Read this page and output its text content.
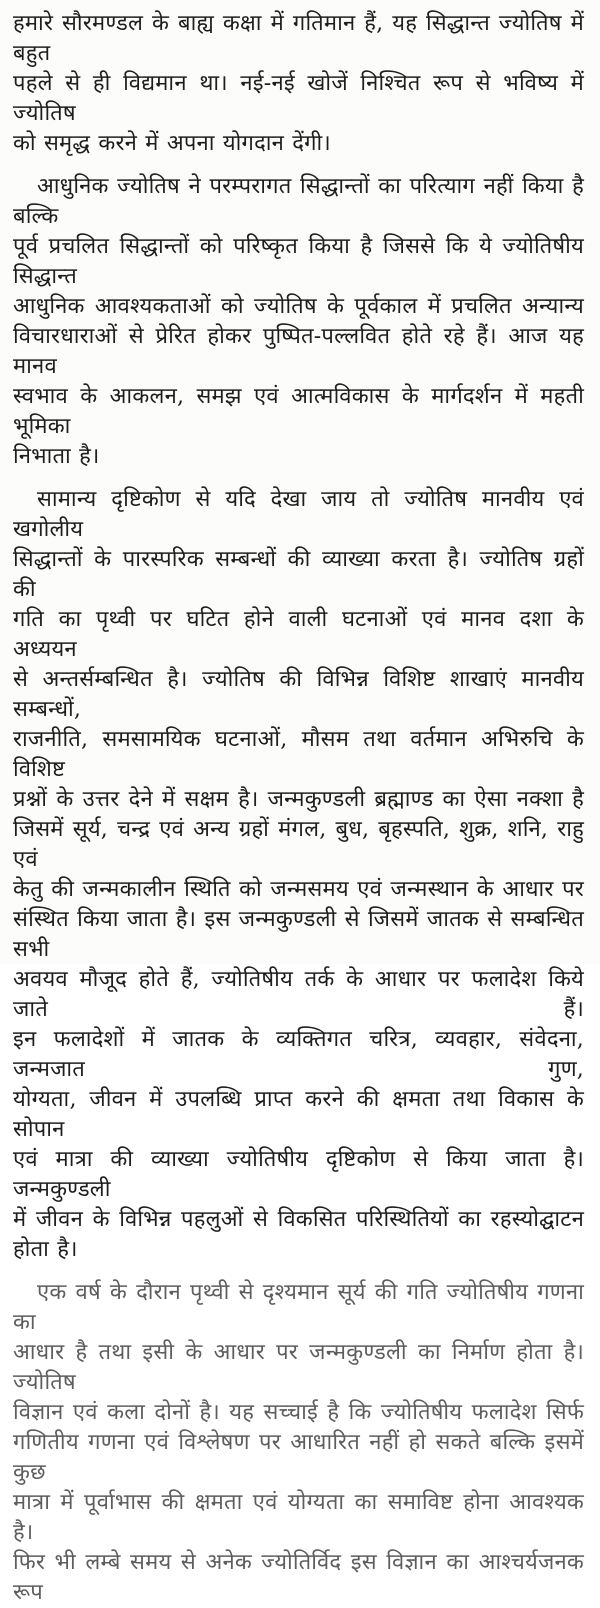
हमारे सौरमण्डल के बाह्य कक्षा में गतिमान हैं, यह सिद्धान्त ज्योतिष में बहुत
पहले से ही विद्यमान था। नई-नई खोजें निश्चित रूप से भविष्य में ज्योतिष
को समृद्ध करने में अपना योगदान देंगी।

आधुनिक ज्योतिष ने परम्परागत सिद्धान्तों का परित्याग नहीं किया है बल्कि
पूर्व प्रचलित सिद्धान्तों को परिष्कृत किया है जिससे कि ये ज्योतिषीय सिद्धान्त
आधुनिक आवश्यकताओं को ज्योतिष के पूर्वकाल में प्रचलित अन्यान्य
विचारधाराओं से प्रेरित होकर पुष्पित-पल्लवित होते रहे हैं। आज यह मानव
स्वभाव के आकलन, समझ एवं आत्मविकास के मार्गदर्शन में महती भूमिका
निभाता है।

सामान्य दृष्टिकोण से यदि देखा जाय तो ज्योतिष मानवीय एवं खगोलीय
सिद्धान्तों के पारस्परिक सम्बन्धों की व्याख्या करता है। ज्योतिष ग्रहों की
गति का पृथ्वी पर घटित होने वाली घटनाओं एवं मानव दशा के अध्ययन
से अन्तर्सम्बन्धित है। ज्योतिष की विभिन्न विशिष्ट शाखाएं मानवीय सम्बन्धों,
राजनीति, समसामयिक घटनाओं, मौसम तथा वर्तमान अभिरुचि के विशिष्ट
प्रश्नों के उत्तर देने में सक्षम है। जन्मकुण्डली ब्रह्माण्ड का ऐसा नक्शा है
जिसमें सूर्य, चन्द्र एवं अन्य ग्रहों मंगल, बुध, बृहस्पति, शुक्र, शनि, राहु एवं
केतु की जन्मकालीन स्थिति को जन्मसमय एवं जन्मस्थान के आधार पर
संस्थित किया जाता है। इस जन्मकुण्डली से जिसमें जातक से सम्बन्धित सभी
अवयव मौजूद होते हैं, ज्योतिषीय तर्क के आधार पर फलादेश किये जाते हैं।
इन फलादेशों में जातक के व्यक्तिगत चरित्र, व्यवहार, संवेदना, जन्मजात गुण,
योग्यता, जीवन में उपलब्धि प्राप्त करने की क्षमता तथा विकास के सोपान
एवं मात्रा की व्याख्या ज्योतिषीय दृष्टिकोण से किया जाता है। जन्मकुण्डली
में जीवन के विभिन्न पहलुओं से विकसित परिस्थितियों का रहस्योद्घाटन
होता है।

एक वर्ष के दौरान पृथ्वी से दृश्यमान सूर्य की गति ज्योतिषीय गणना का
आधार है तथा इसी के आधार पर जन्मकुण्डली का निर्माण होता है। ज्योतिष
विज्ञान एवं कला दोनों है। यह सच्चाई है कि ज्योतिषीय फलादेश सिर्फ
गणितीय गणना एवं विश्लेषण पर आधारित नहीं हो सकते बल्कि इसमें कुछ
मात्रा में पूर्वाभास की क्षमता एवं योग्यता का समाविष्ट होना आवश्यक है।
फिर भी लम्बे समय से अनेक ज्योतिर्विद इस विज्ञान का आश्चर्यजनक रूप
